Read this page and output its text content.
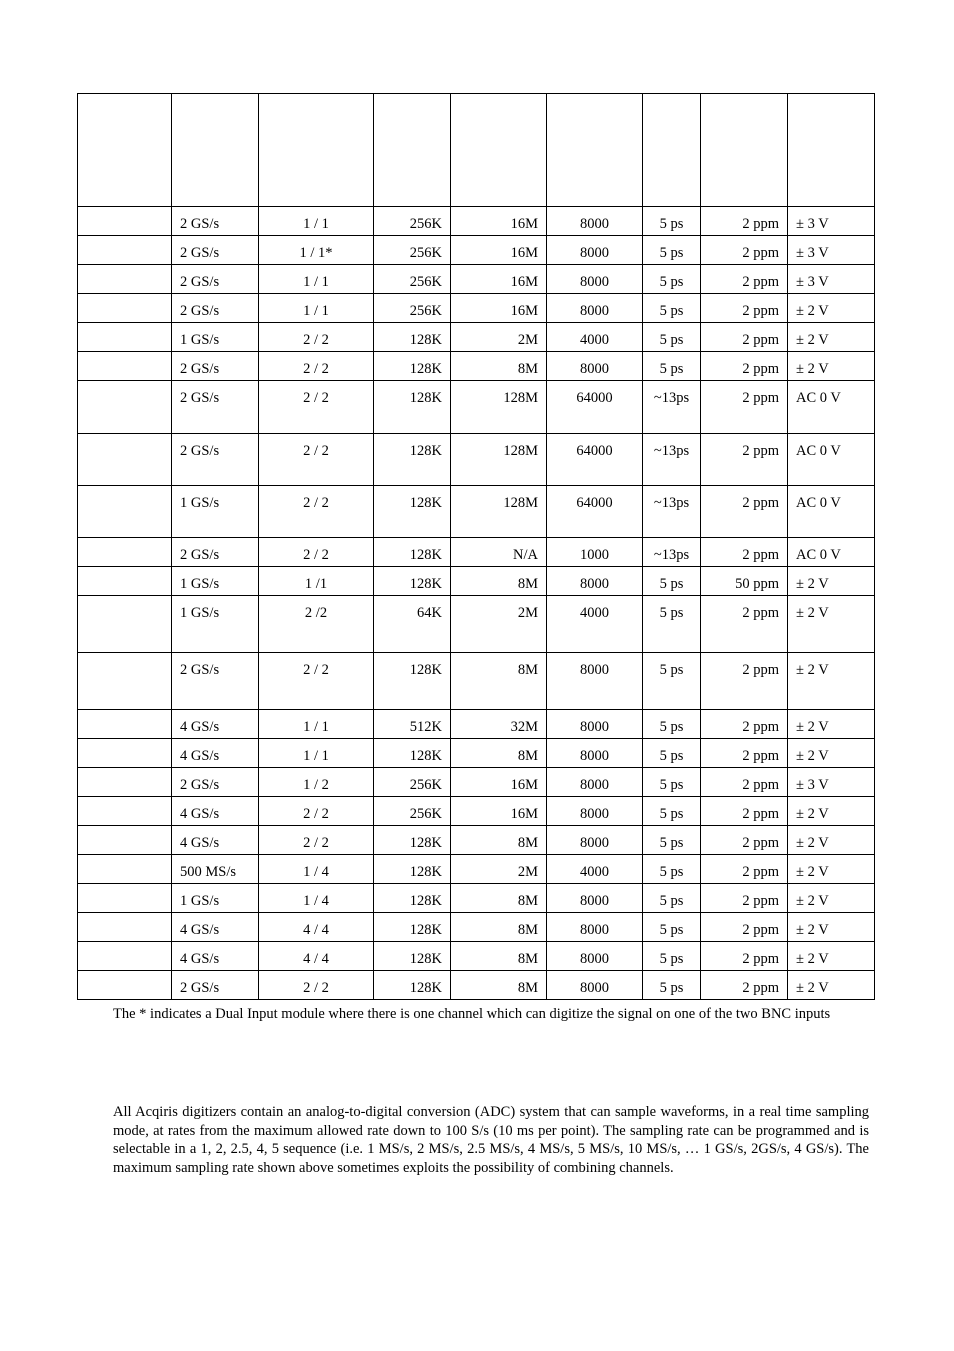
	2 GS/s	1 / 1	256K	16M	8000	5 ps	2 ppm	± 3 V
	2 GS/s	1 / 1*	256K	16M	8000	5 ps	2 ppm	± 3 V
	2 GS/s	1 / 1	256K	16M	8000	5 ps	2 ppm	± 3 V
	2 GS/s	1 / 1	256K	16M	8000	5 ps	2 ppm	± 2 V
	1 GS/s	2 / 2	128K	2M	4000	5 ps	2 ppm	± 2 V
	2 GS/s	2 / 2	128K	8M	8000	5 ps	2 ppm	± 2 V
	2 GS/s	2 / 2	128K	128M	64000	~13ps	2 ppm	AC 0 V
	2 GS/s	2 / 2	128K	128M	64000	~13ps	2 ppm	AC 0 V
	1 GS/s	2 / 2	128K	128M	64000	~13ps	2 ppm	AC 0 V
	2 GS/s	2 / 2	128K	N/A	1000	~13ps	2 ppm	AC 0 V
	1 GS/s	1 /1	128K	8M	8000	5 ps	50 ppm	± 2 V
	1 GS/s	2 /2	64K	2M	4000	5 ps	2 ppm	± 2 V
	2 GS/s	2 / 2	128K	8M	8000	5 ps	2 ppm	± 2 V
	4 GS/s	1 / 1	512K	32M	8000	5 ps	2 ppm	± 2 V
	4 GS/s	1 / 1	128K	8M	8000	5 ps	2 ppm	± 2 V
	2 GS/s	1 / 2	256K	16M	8000	5 ps	2 ppm	± 3 V
	4 GS/s	2 / 2	256K	16M	8000	5 ps	2 ppm	± 2 V
	4 GS/s	2 / 2	128K	8M	8000	5 ps	2 ppm	± 2 V
	500 MS/s	1 / 4	128K	2M	4000	5 ps	2 ppm	± 2 V
	1 GS/s	1 / 4	128K	8M	8000	5 ps	2 ppm	± 2 V
	4 GS/s	4 / 4	128K	8M	8000	5 ps	2 ppm	± 2 V
	4 GS/s	4 / 4	128K	8M	8000	5 ps	2 ppm	± 2 V
	2 GS/s	2 / 2	128K	8M	8000	5 ps	2 ppm	± 2 V

The * indicates a Dual Input module where there is one channel which can digitize the signal on one of the two BNC inputs

All Acqiris digitizers contain an analog-to-digital conversion (ADC) system that can sample waveforms, in a real time sampling mode, at rates from the maximum allowed rate down to 100 S/s (10 ms per point). The sampling rate can be programmed and is selectable in a 1, 2, 2.5, 4, 5 sequence (i.e. 1 MS/s, 2 MS/s, 2.5 MS/s, 4 MS/s, 5 MS/s, 10 MS/s, … 1 GS/s, 2GS/s, 4 GS/s). The maximum sampling rate shown above sometimes exploits the possibility of combining channels.
